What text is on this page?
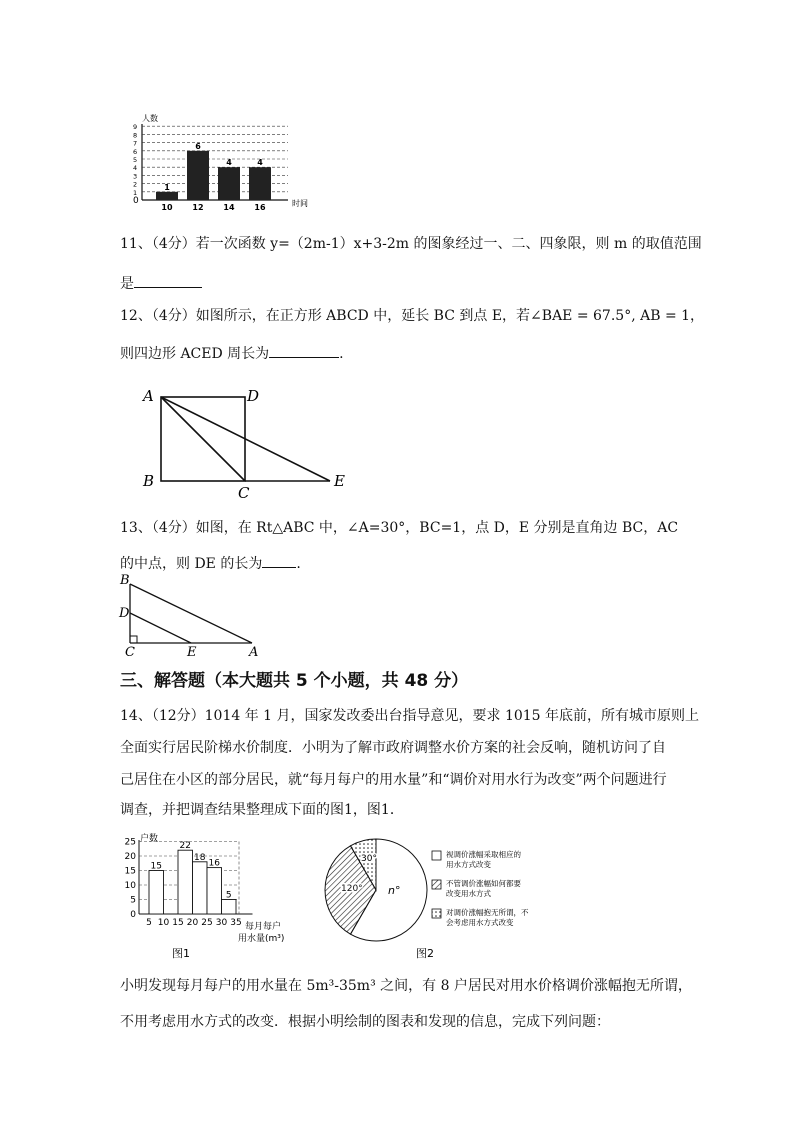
0
1
2
3
4
5
6
7
8
9
1
10
6
12
4
14
4
16
人数
时间
11、（4分）若一次函数 y=（2m-1）x+3-2m 的图象经过一、二、四象限，则 m 的取值范围
是
12、（4分）如图所示，在正方形 ABCD 中，延长 BC 到点 E，若∠BAE = 67.5°, AB = 1，
则四边形 ACED 周长为	.
A	D
B
C
E
13、（4分）如图，在 Rt△ABC 中，∠A=30°，BC=1，点 D，E 分别是直角边 BC，AC
的中点，则 DE 的长为 .
B
D
C	E	A
三、解答题（本大题共 5 个小题，共 48 分）
14、（12分）1014 年 1 月，国家发改委出台指导意见，要求 1015 年底前，所有城市原则上
全面实行居民阶梯水价制度．小明为了解市政府调整水价方案的社会反响，随机访问了自
己居住在小区的部分居民，就“每月每户的用水量”和“调价对用水行为改变”两个问题进行
调查，并把调查结果整理成下面的图1，图1．
0
5
10
15
20
25
5 10 15 20 25 30 35
15
22
18
16
5
户数
每月每户
用水量(m³)
图1
n°
120°
30°	视调价涨幅采取相应的
用水方式改变
不管调价涨幅如何都要
改变用水方式
对调价涨幅抱无所谓，不
会考虑用水方式改变
图2
小明发现每月每户的用水量在 5m³-35m³ 之间，有 8 户居民对用水价格调价涨幅抱无所谓，
不用考虑用水方式的改变．根据小明绘制的图表和发现的信息，完成下列问题：
